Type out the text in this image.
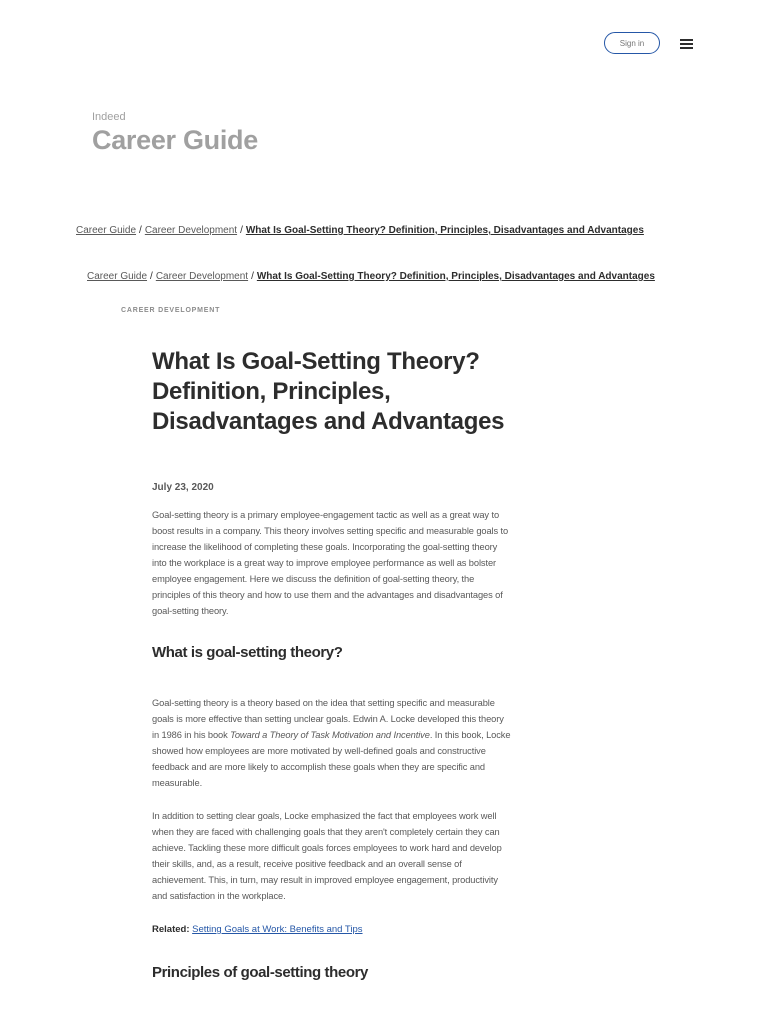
Sign in
Indeed
Career Guide
Career Guide / Career Development / What Is Goal-Setting Theory? Definition, Principles, Disadvantages and Advantages
Career Guide / Career Development / What Is Goal-Setting Theory? Definition, Principles, Disadvantages and Advantages
CAREER DEVELOPMENT
What Is Goal-Setting Theory? Definition, Principles, Disadvantages and Advantages
July 23, 2020

Goal-setting theory is a primary employee-engagement tactic as well as a great way to boost results in a company. This theory involves setting specific and measurable goals to increase the likelihood of completing these goals. Incorporating the goal-setting theory into the workplace is a great way to improve employee performance as well as bolster employee engagement. Here we discuss the definition of goal-setting theory, the principles of this theory and how to use them and the advantages and disadvantages of goal-setting theory.

What is goal-setting theory?

Goal-setting theory is a theory based on the idea that setting specific and measurable goals is more effective than setting unclear goals. Edwin A. Locke developed this theory in 1986 in his book Toward a Theory of Task Motivation and Incentive. In this book, Locke showed how employees are more motivated by well-defined goals and constructive feedback and are more likely to accomplish these goals when they are specific and measurable.

In addition to setting clear goals, Locke emphasized the fact that employees work well when they are faced with challenging goals that they aren't completely certain they can achieve. Tackling these more difficult goals forces employees to work hard and develop their skills, and, as a result, receive positive feedback and an overall sense of achievement. This, in turn, may result in improved employee engagement, productivity and satisfaction in the workplace.

Related: Setting Goals at Work: Benefits and Tips
Principles of goal-setting theory
